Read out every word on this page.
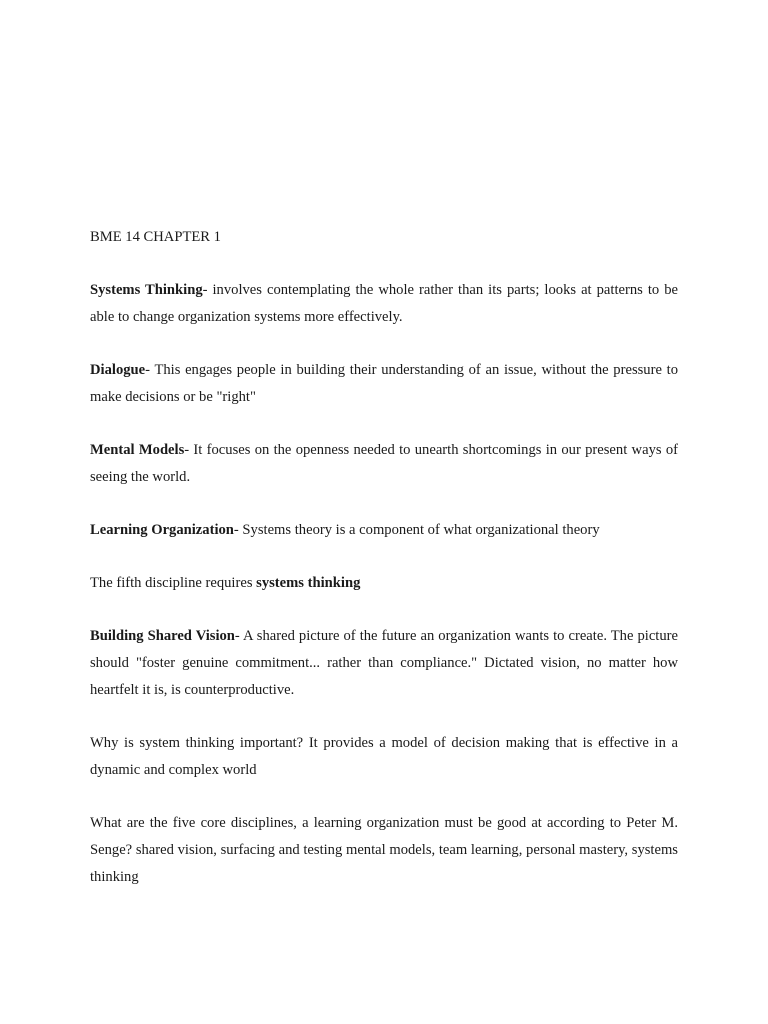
BME 14 CHAPTER 1

Systems Thinking- involves contemplating the whole rather than its parts; looks at patterns to be able to change organization systems more effectively.

Dialogue- This engages people in building their understanding of an issue, without the pressure to make decisions or be "right"

Mental Models- It focuses on the openness needed to unearth shortcomings in our present ways of seeing the world.

Learning Organization- Systems theory is a component of what organizational theory

The fifth discipline requires systems thinking

Building Shared Vision- A shared picture of the future an organization wants to create. The picture should "foster genuine commitment... rather than compliance." Dictated vision, no matter how heartfelt it is, is counterproductive.

Why is system thinking important? It provides a model of decision making that is effective in a dynamic and complex world

What are the five core disciplines, a learning organization must be good at according to Peter M. Senge? shared vision, surfacing and testing mental models, team learning, personal mastery, systems thinking
